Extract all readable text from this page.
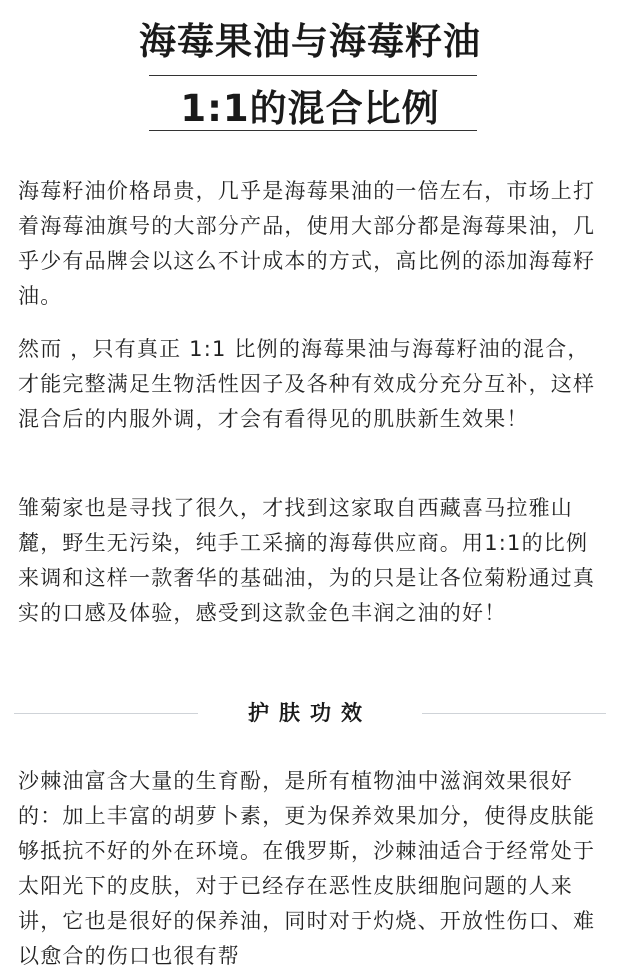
海莓果油与海莓籽油
1:1的混合比例

海莓籽油价格昂贵，几乎是海莓果油的一倍左右，市场上打着海莓油旗号的大部分产品，使用大部分都是海莓果油，几乎少有品牌会以这么不计成本的方式，高比例的添加海莓籽油。

然而 ，只有真正 1:1 比例的海莓果油与海莓籽油的混合，才能完整满足生物活性因子及各种有效成分充分互补，这样混合后的内服外调，才会有看得见的肌肤新生效果！

雏菊家也是寻找了很久，才找到这家取自西藏喜马拉雅山麓，野生无污染，纯手工采摘的海莓供应商。用1:1的比例来调和这样一款奢华的基础油，为的只是让各位菊粉通过真实的口感及体验，感受到这款金色丰润之油的好！

护肤功效

沙棘油富含大量的生育酚，是所有植物油中滋润效果很好的：加上丰富的胡萝卜素，更为保养效果加分，使得皮肤能够抵抗不好的外在环境。在俄罗斯，沙棘油适合于经常处于太阳光下的皮肤，对于已经存在恶性皮肤细胞问题的人来讲，它也是很好的保养油，同时对于灼烧、开放性伤口、难以愈合的伤口也很有帮
